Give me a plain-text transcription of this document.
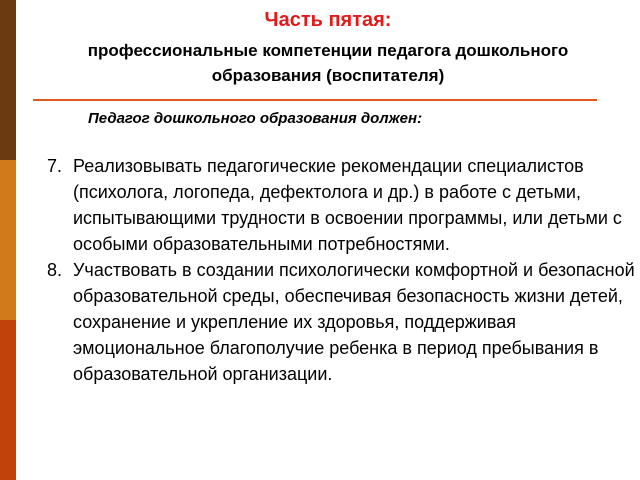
Часть пятая:
профессиональные компетенции педагога дошкольного
образования (воспитателя)
Педагог дошкольного образования должен:
7. Реализовывать педагогические рекомендации специалистов (психолога, логопеда, дефектолога и др.) в работе с детьми, испытывающими трудности в освоении программы, или детьми с особыми образовательными потребностями.
8. Участвовать в создании психологически комфортной и безопасной образовательной среды, обеспечивая безопасность жизни детей, сохранение и укрепление их здоровья, поддерживая эмоциональное благополучие ребенка в период пребывания в образовательной организации.
